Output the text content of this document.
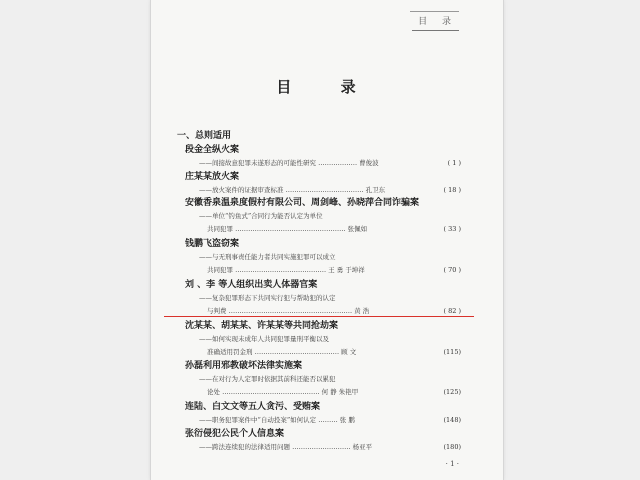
目 录
目 录
一、总则适用
段金全纵火案
——间接故意犯罪未遂形态的可能性研究 ……………… 曹俊波	( 1 )
庄某某放火案
——放火案件的证据审查标准 ……………………………… 孔卫东	( 18 )
安徽香泉温泉度假村有限公司、周剑峰、孙晓萍合同诈骗案
——单位“钓鱼式”合同行为能否认定为单位
共同犯罪 …………………………………………… 张佩如	( 33 )
钱鹏飞盗窃案
——与无刑事责任能力者共同实施犯罪可以成立
共同犯罪 …………………………………… 王 勇 于坤祥	( 70 )
刘 、李 等人组织出卖人体器官案
——复杂犯罪形态下共同实行犯与帮助犯的认定
与判费 ………………………………………………… 黄 浩	( 82 )
沈某某、胡某某、许某某等共同抢劫案
——如何实现未成年人共同犯罪量刑平衡以及
准确适用罚金刑 ………………………………… 顾 文	(115)
孙磊利用邪教破坏法律实施案
——在对行为人定罪时依据其前科还能否以累犯
论处 ……………………………………… 何 静 朱艳甲	(125)
连陆、白文文等五人贪污、受贿案
——职务犯罪案件中“自动投案”如何认定 ……… 张 鹏	(148)
张衍侵犯公民个人信息案
——跨法连续犯的法律适用问题 ……………………… 杨亚平	(180)
· 1 ·
